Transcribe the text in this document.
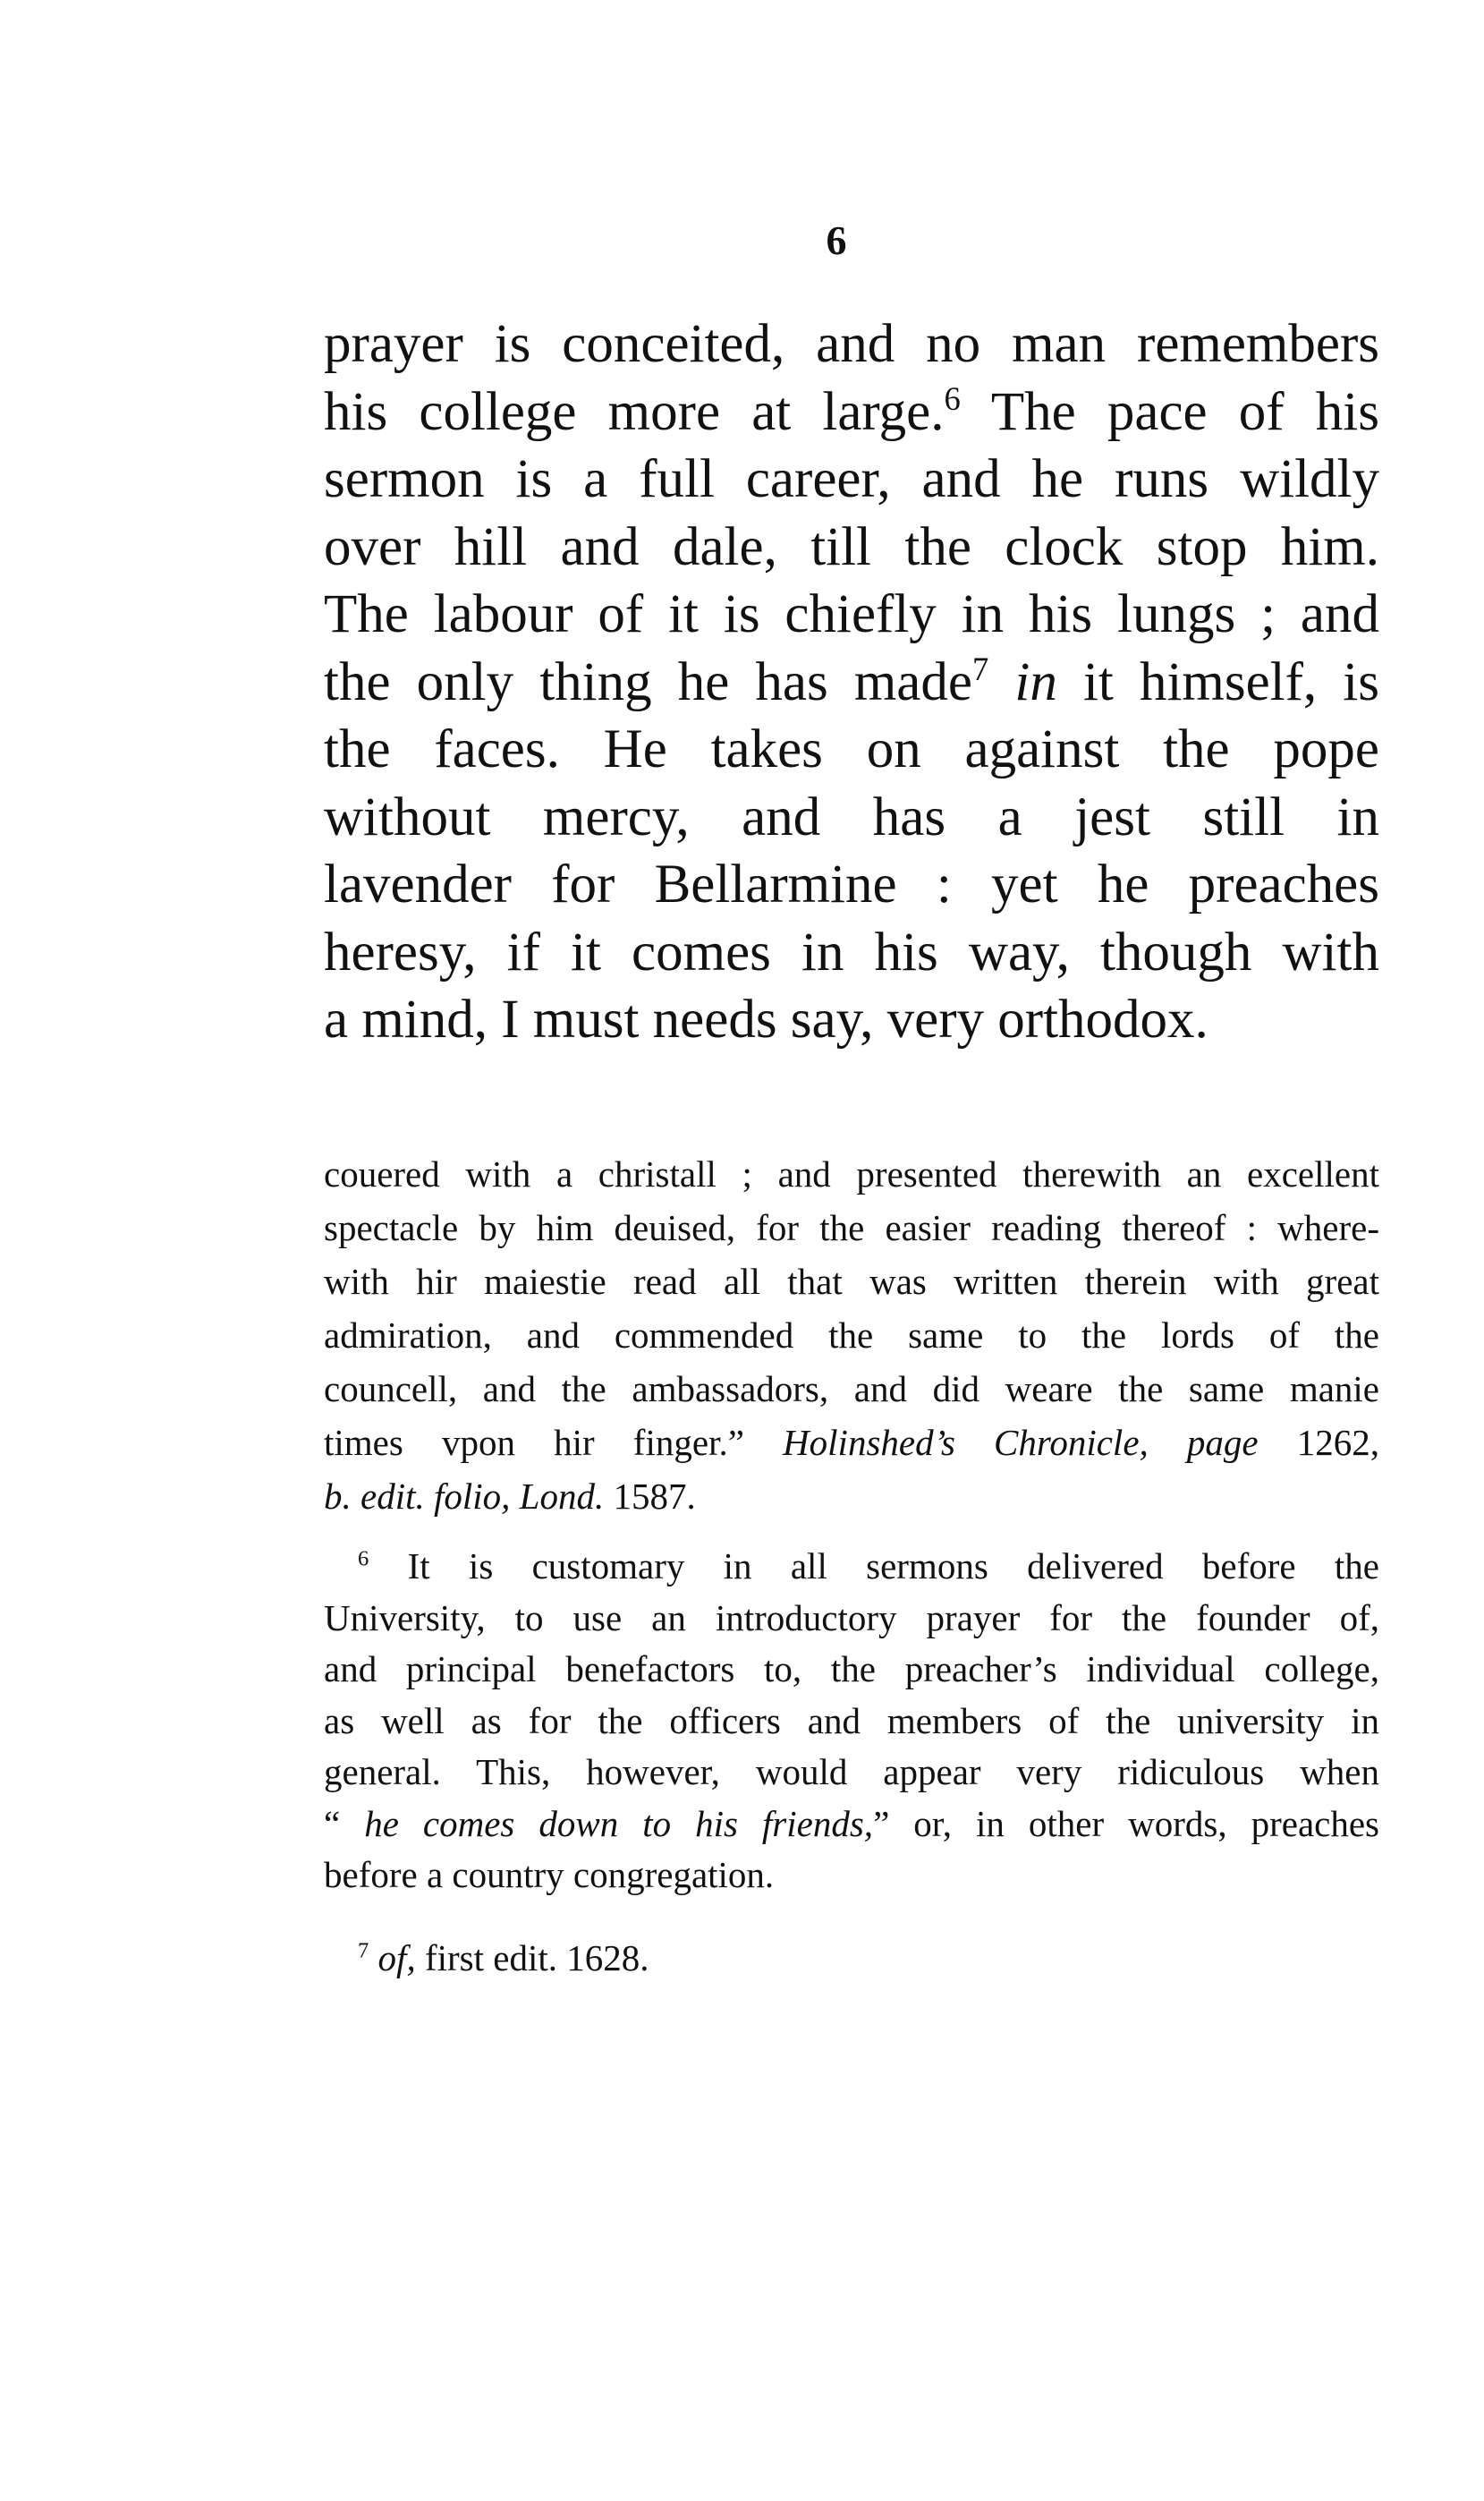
6
prayer is conceited, and no man remembers
his college more at large.$^6$ The pace of his
sermon is a full career, and he runs wildly
over hill and dale, till the clock stop him.
The labour of it is chiefly in his lungs ; and
the only thing he has made$^7$ in it himself, is
the faces. He takes on against the pope
without mercy, and has a jest still in
lavender for Bellarmine : yet he preaches
heresy, if it comes in his way, though with
a mind, I must needs say, very orthodox.
couered with a christall ; and presented therewith an excellent
spectacle by him deuised, for the easier reading thereof : where-
with hir maiestie read all that was written therein with great
admiration, and commended the same to the lords of the
councell, and the ambassadors, and did weare the same manie
times vpon hir finger.” Holinshed’s Chronicle, page 1262,
b. edit. folio, Lond. 1587.
$^6$ It is customary in all sermons delivered before the
University, to use an introductory prayer for the founder of,
and principal benefactors to, the preacher’s individual college,
as well as for the officers and members of the university in
general. This, however, would appear very ridiculous when
“ he comes down to his friends,” or, in other words, preaches
before a country congregation.
$^7$ of, first edit. 1628.
